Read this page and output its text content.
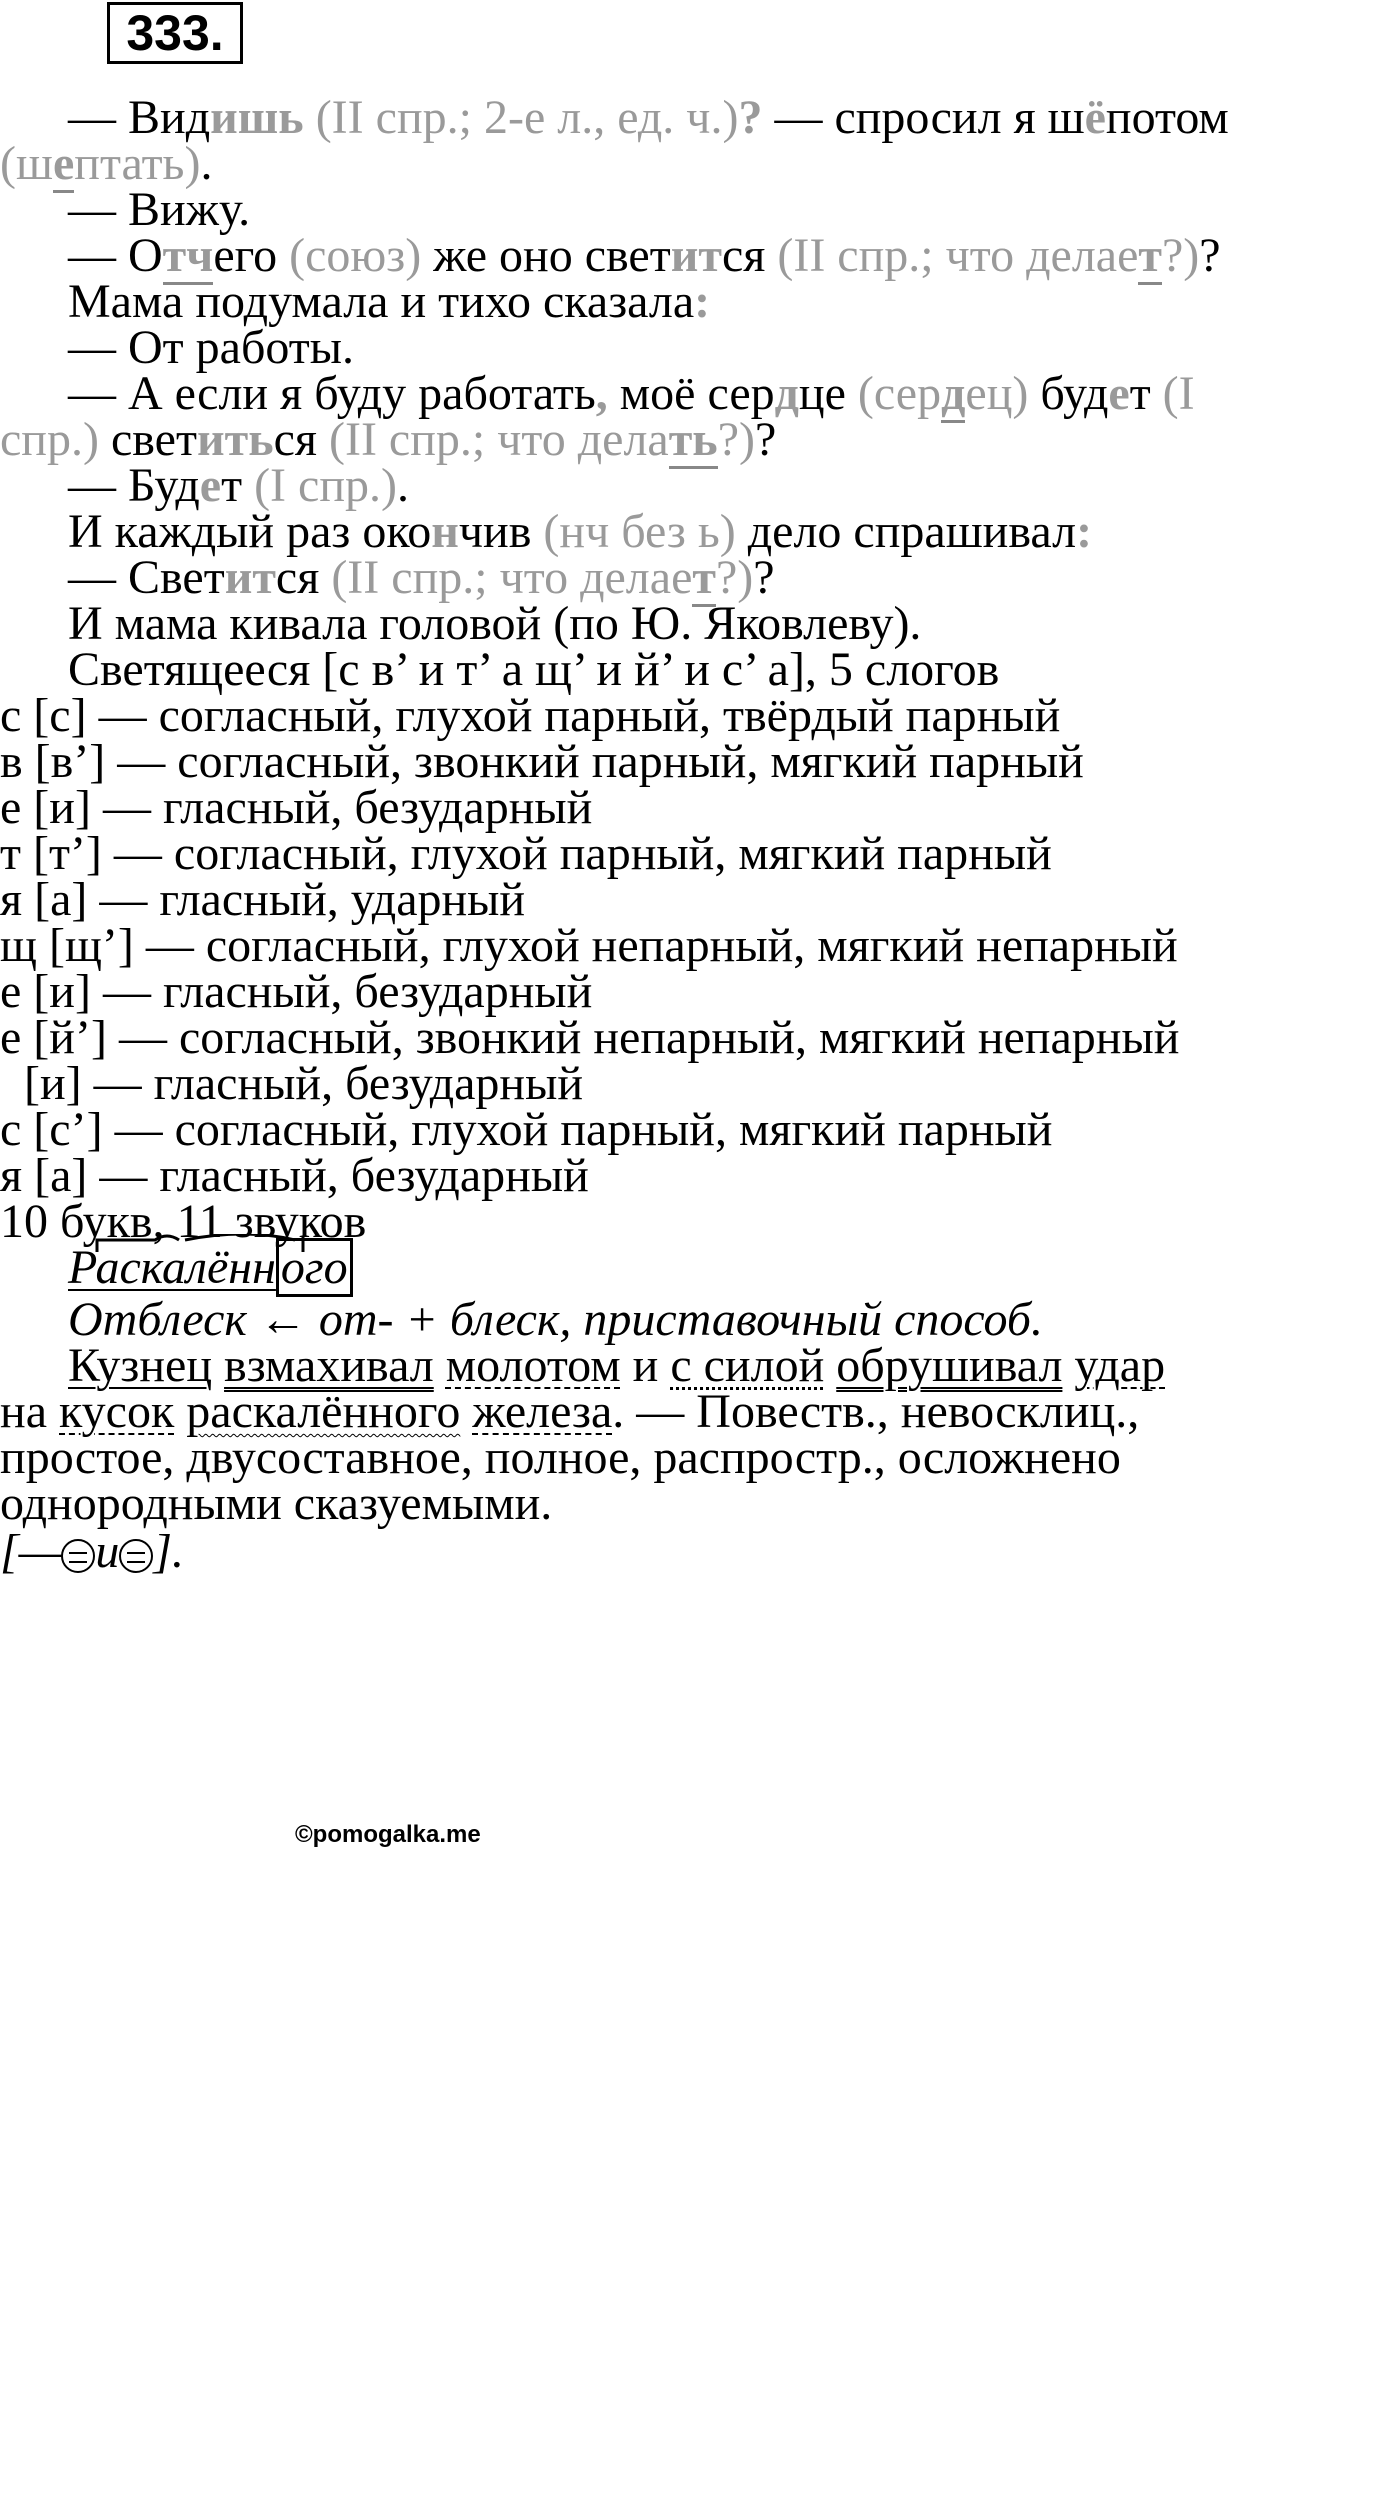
333.
— Видишь (II спр.; 2-е л., ед. ч.)? — спросил я шёпотом
(шептать).
— Вижу.
— Отчего (союз) же оно светится (II спр.; что делает?)?
Мама подумала и тихо сказала:
— От работы.
— А если я буду работать, моё сердце (сердец) будет (I
спр.) светиться (II спр.; что делать?)?
— Будет (I спр.).
И каждый раз окончив (нч без ь) дело спрашивал:
— Светится (II спр.; что делает?)?
И мама кивала головой (по Ю. Яковлеву).
Светящееся [с в’ и т’ а щ’ и й’ и с’ а], 5 слогов
с [с] — согласный, глухой парный, твёрдый парный
в [в’] — согласный, звонкий парный, мягкий парный
е [и] — гласный, безударный
т [т’] — согласный, глухой парный, мягкий парный
я [а] — гласный, ударный
щ [щ’] — согласный, глухой непарный, мягкий непарный
е [и] — гласный, безударный
е [й’] — согласный, звонкий непарный, мягкий непарный
[и] — гласный, безударный
с [с’] — согласный, глухой парный, мягкий парный
я [а] — гласный, безударный
10 букв, 11 звуков
©pomogalka.me
Раскалённ ого
Отблеск ← от- + блеск, приставочный способ.
Кузнец взмахивал молотом и с силой обрушивал удар
на кусок раскалённого железа. — Повеств., невосклиц.,
простое, двусоставное, полное, распростр., осложнено
однородными сказуемыми.
[— и ].
